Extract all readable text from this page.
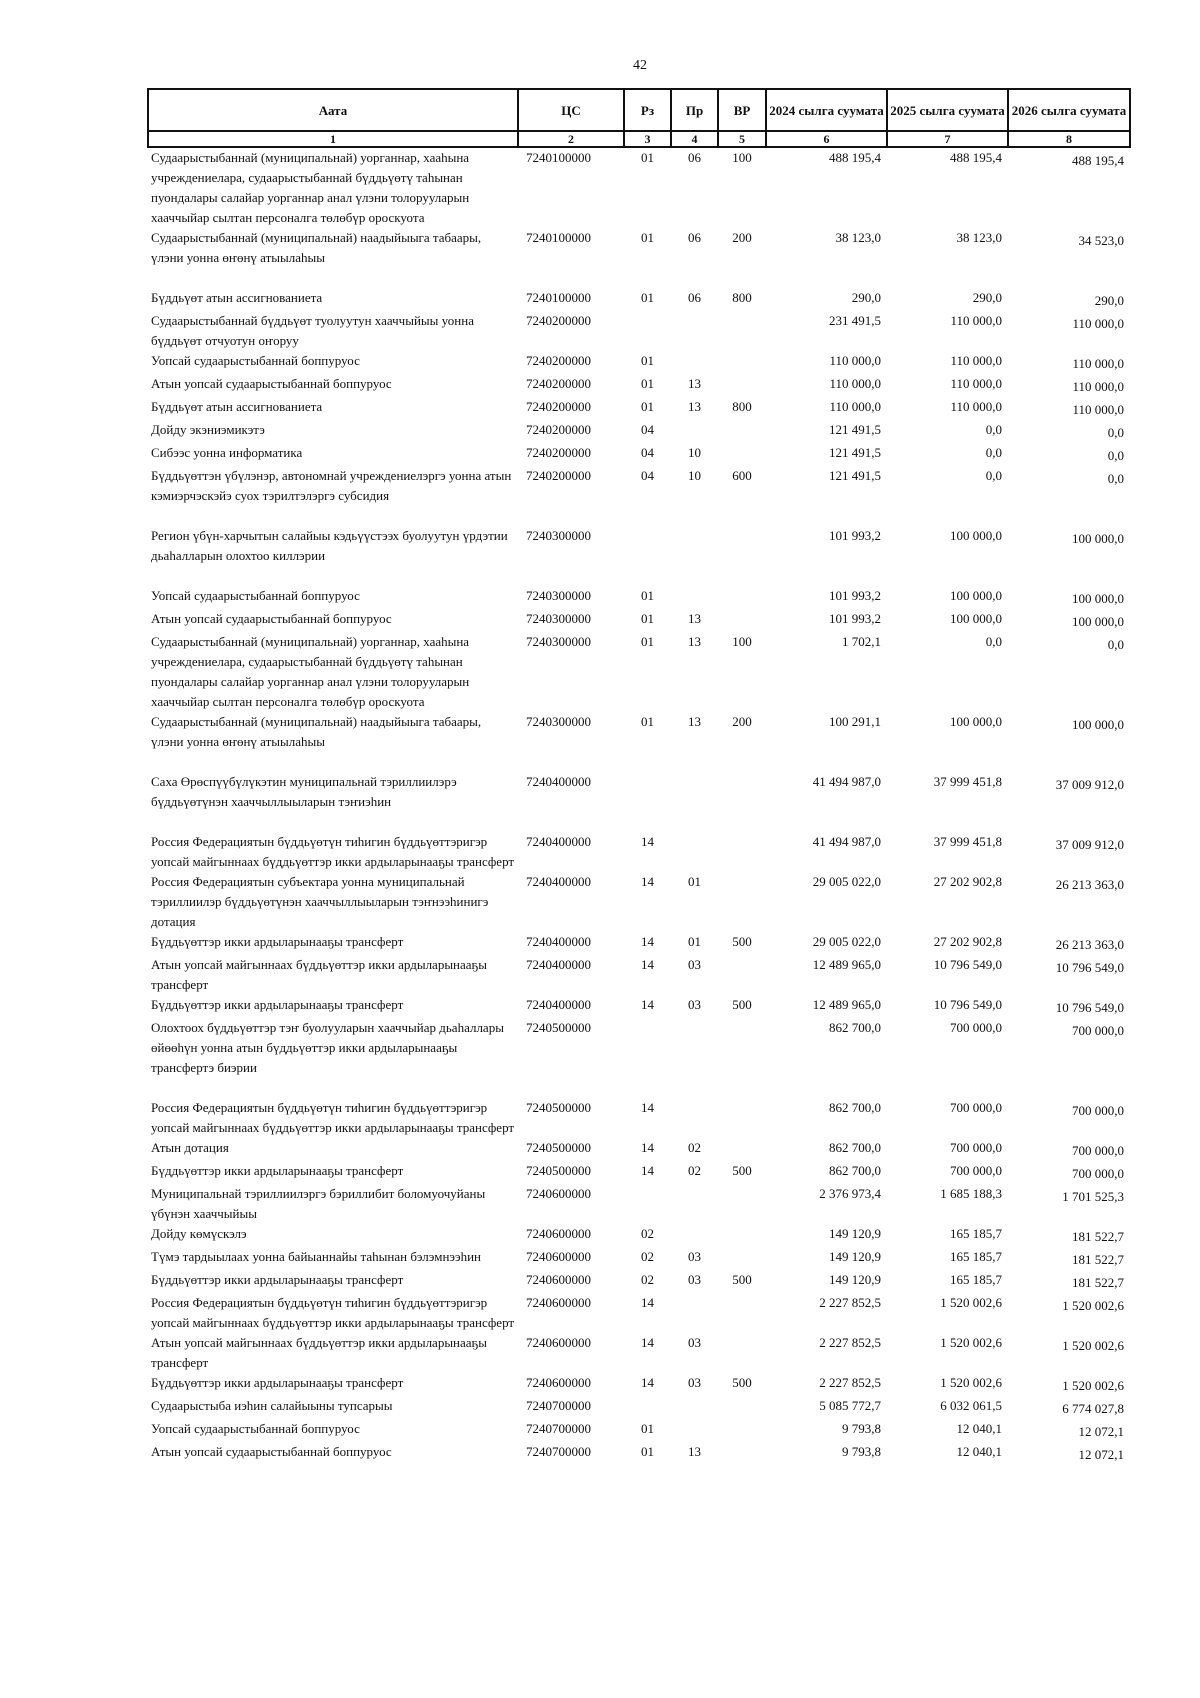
42
Аата	ЦС	Рз	Пр	ВР	2024 сылга суумата	2025 сылга суумата	2026 сылга суумата
1	2	3	4	5	6	7	8
Судаарыстыбаннай (муниципальнай) уорганнар, хааһына учреждениелара, судаарыстыбаннай бүддьүөтү таһынан пуондалары салайар уорганнар анал үлэни толорууларын хааччыйар сылтан персоналга төлөбүр ороскуота	7240100000	01	06	100	488 195,4	488 195,4	488 195,4
Судаарыстыбаннай (муниципальнай) наадыйыыга табаары, үлэни уонна өҥөнү атыылаһыы	7240100000	01	06	200	38 123,0	38 123,0	34 523,0

Бүддьүөт атын ассигнованиета	7240100000	01	06	800	290,0	290,0	290,0
Судаарыстыбаннай бүддьүөт туолуутун хааччыйыы уонна бүддьүөт отчуотун оҥоруу	7240200000				231 491,5	110 000,0	110 000,0
Уопсай судаарыстыбаннай боппуруос	7240200000	01			110 000,0	110 000,0	110 000,0
Атын уопсай судаарыстыбаннай боппуруос	7240200000	01	13		110 000,0	110 000,0	110 000,0
Бүддьүөт атын ассигнованиета	7240200000	01	13	800	110 000,0	110 000,0	110 000,0
Дойду экэниэмикэтэ	7240200000	04			121 491,5	0,0	0,0
Сибээс уонна информатика	7240200000	04	10		121 491,5	0,0	0,0
Бүддьүөттэн үбүлэнэр, автономнай учреждениелэргэ уонна атын кэмиэрчэскэйэ суох тэрилтэлэргэ субсидия	7240200000	04	10	600	121 491,5	0,0	0,0

Регион үбүн-харчытын салайыы кэдьүүстээх буолуутун үрдэтии дьаһалларын олохтоо киллэрии	7240300000				101 993,2	100 000,0	100 000,0

Уопсай судаарыстыбаннай боппуруос	7240300000	01			101 993,2	100 000,0	100 000,0
Атын уопсай судаарыстыбаннай боппуруос	7240300000	01	13		101 993,2	100 000,0	100 000,0
Судаарыстыбаннай (муниципальнай) уорганнар, хааһына учреждениелара, судаарыстыбаннай бүддьүөтү таһынан пуондалары салайар уорганнар анал үлэни толорууларын хааччыйар сылтан персоналга төлөбүр ороскуота	7240300000	01	13	100	1 702,1	0,0	0,0
Судаарыстыбаннай (муниципальнай) наадыйыыга табаары, үлэни уонна өҥөнү атыылаһыы	7240300000	01	13	200	100 291,1	100 000,0	100 000,0

Саха Өрөспүүбүлүкэтин муниципальнай тэриллиилэрэ бүддьүөтүнэн хааччыллыыларын тэҥиэһин	7240400000				41 494 987,0	37 999 451,8	37 009 912,0

Россия Федерациятын бүддьүөтүн тиһигин бүддьүөттэригэр уопсай майгыннаах бүддьүөттэр икки ардыларынааҕы трансферт	7240400000	14			41 494 987,0	37 999 451,8	37 009 912,0
Россия Федерациятын субъектара уонна муниципальнай тэриллиилэр бүддьүөтүнэн хааччыллыыларын тэҥнээһинигэ дотация	7240400000	14	01		29 005 022,0	27 202 902,8	26 213 363,0
Бүддьүөттэр икки ардыларынааҕы трансферт	7240400000	14	01	500	29 005 022,0	27 202 902,8	26 213 363,0
Атын уопсай майгыннаах бүддьүөттэр икки ардыларынааҕы трансферт	7240400000	14	03		12 489 965,0	10 796 549,0	10 796 549,0
Бүддьүөттэр икки ардыларынааҕы трансферт	7240400000	14	03	500	12 489 965,0	10 796 549,0	10 796 549,0
Олохтоох бүддьүөттэр тэҥ буолууларын хааччыйар дьаһаллары өйөөһүн уонна атын бүддьүөттэр икки ардыларынааҕы трансфертэ биэрии	7240500000				862 700,0	700 000,0	700 000,0

Россия Федерациятын бүддьүөтүн тиһигин бүддьүөттэригэр уопсай майгыннаах бүддьүөттэр икки ардыларынааҕы трансферт	7240500000	14			862 700,0	700 000,0	700 000,0
Атын дотация	7240500000	14	02		862 700,0	700 000,0	700 000,0
Бүддьүөттэр икки ардыларынааҕы трансферт	7240500000	14	02	500	862 700,0	700 000,0	700 000,0
Муниципальнай тэриллиилэргэ бэриллибит боломуочуйаны үбүнэн хааччыйыы	7240600000				2 376 973,4	1 685 188,3	1 701 525,3
Дойду көмүскэлэ	7240600000	02			149 120,9	165 185,7	181 522,7
Түмэ тардыылаах уонна байыаннайы таһынан бэлэмнээһин	7240600000	02	03		149 120,9	165 185,7	181 522,7
Бүддьүөттэр икки ардыларынааҕы трансферт	7240600000	02	03	500	149 120,9	165 185,7	181 522,7
Россия Федерациятын бүддьүөтүн тиһигин бүддьүөттэригэр уопсай майгыннаах бүддьүөттэр икки ардыларынааҕы трансферт	7240600000	14			2 227 852,5	1 520 002,6	1 520 002,6
Атын уопсай майгыннаах бүддьүөттэр икки ардыларынааҕы трансферт	7240600000	14	03		2 227 852,5	1 520 002,6	1 520 002,6
Бүддьүөттэр икки ардыларынааҕы трансферт	7240600000	14	03	500	2 227 852,5	1 520 002,6	1 520 002,6
Судаарыстыба иэһин салайыыны тупсарыы	7240700000				5 085 772,7	6 032 061,5	6 774 027,8
Уопсай судаарыстыбаннай боппуруос	7240700000	01			9 793,8	12 040,1	12 072,1
Атын уопсай судаарыстыбаннай боппуруос	7240700000	01	13		9 793,8	12 040,1	12 072,1
